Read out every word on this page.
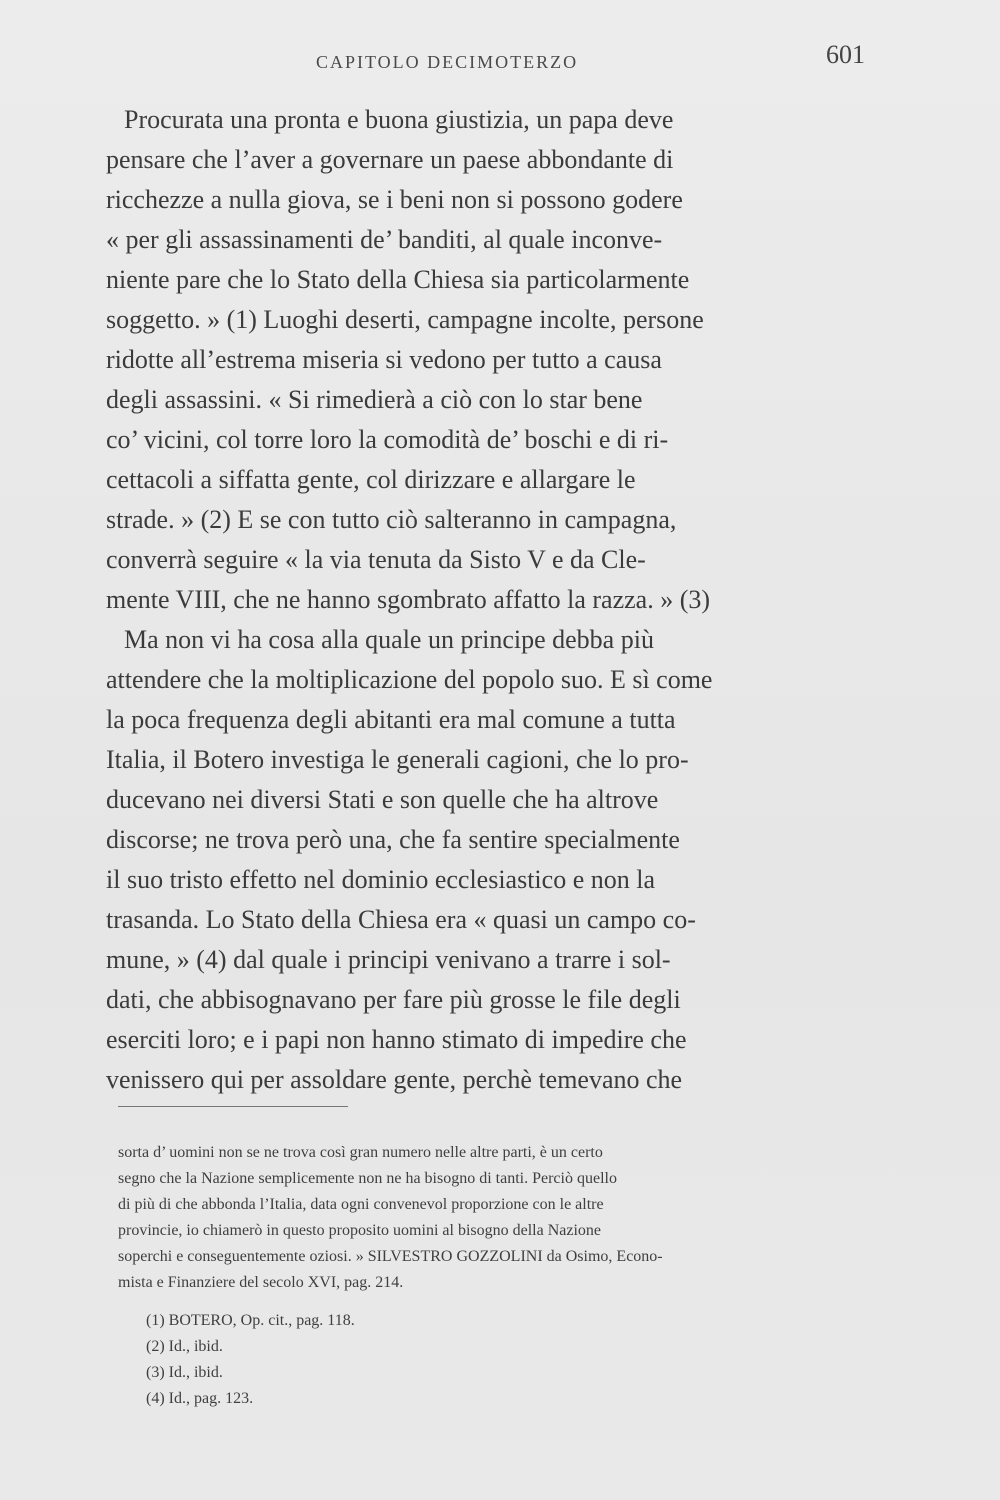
CAPITOLO DECIMOTERZO	601
Procurata una pronta e buona giustizia, un papa deve
pensare che l’aver a governare un paese abbondante di
ricchezze a nulla giova, se i beni non si possono godere
« per gli assassinamenti de’ banditi, al quale inconve-
niente pare che lo Stato della Chiesa sia particolarmente
soggetto. » (1) Luoghi deserti, campagne incolte, persone
ridotte all’estrema miseria si vedono per tutto a causa
degli assassini. « Si rimedierà a ciò con lo star bene
co’ vicini, col torre loro la comodità de’ boschi e di ri-
cettacoli a siffatta gente, col dirizzare e allargare le
strade. » (2) E se con tutto ciò salteranno in campagna,
converrà seguire « la via tenuta da Sisto V e da Cle-
mente VIII, che ne hanno sgombrato affatto la razza. » (3)
Ma non vi ha cosa alla quale un principe debba più
attendere che la moltiplicazione del popolo suo. E sì come
la poca frequenza degli abitanti era mal comune a tutta
Italia, il Botero investiga le generali cagioni, che lo pro-
ducevano nei diversi Stati e son quelle che ha altrove
discorse; ne trova però una, che fa sentire specialmente
il suo tristo effetto nel dominio ecclesiastico e non la
trasanda. Lo Stato della Chiesa era « quasi un campo co-
mune, » (4) dal quale i principi venivano a trarre i sol-
dati, che abbisognavano per fare più grosse le file degli
eserciti loro; e i papi non hanno stimato di impedire che
venissero qui per assoldare gente, perchè temevano che
sorta d’ uomini non se ne trova così gran numero nelle altre parti, è un certo
segno che la Nazione semplicemente non ne ha bisogno di tanti. Perciò quello
di più di che abbonda l’Italia, data ogni convenevol proporzione con le altre
provincie, io chiamerò in questo proposito uomini al bisogno della Nazione
soperchi e conseguentemente oziosi. » SILVESTRO GOZZOLINI da Osimo, Econo-
mista e Finanziere del secolo XVI, pag. 214.
(1) BOTERO, Op. cit., pag. 118.
(2) Id., ibid.
(3) Id., ibid.
(4) Id., pag. 123.
